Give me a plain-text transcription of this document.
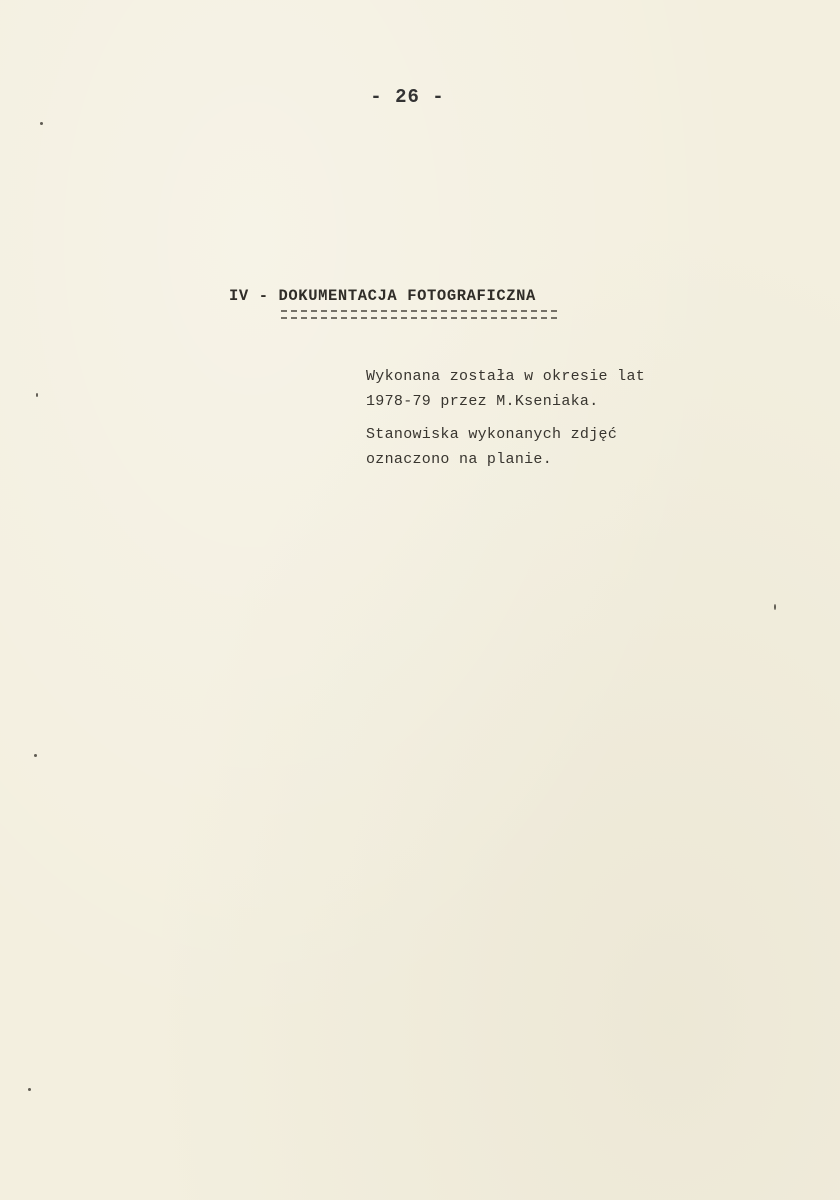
- 26 -
IV - DOKUMENTACJA FOTOGRAFICZNA

Wykonana została w okresie lat
1978-79 przez M.Kseniaka.

Stanowiska wykonanych zdjęć
oznaczono na planie.
